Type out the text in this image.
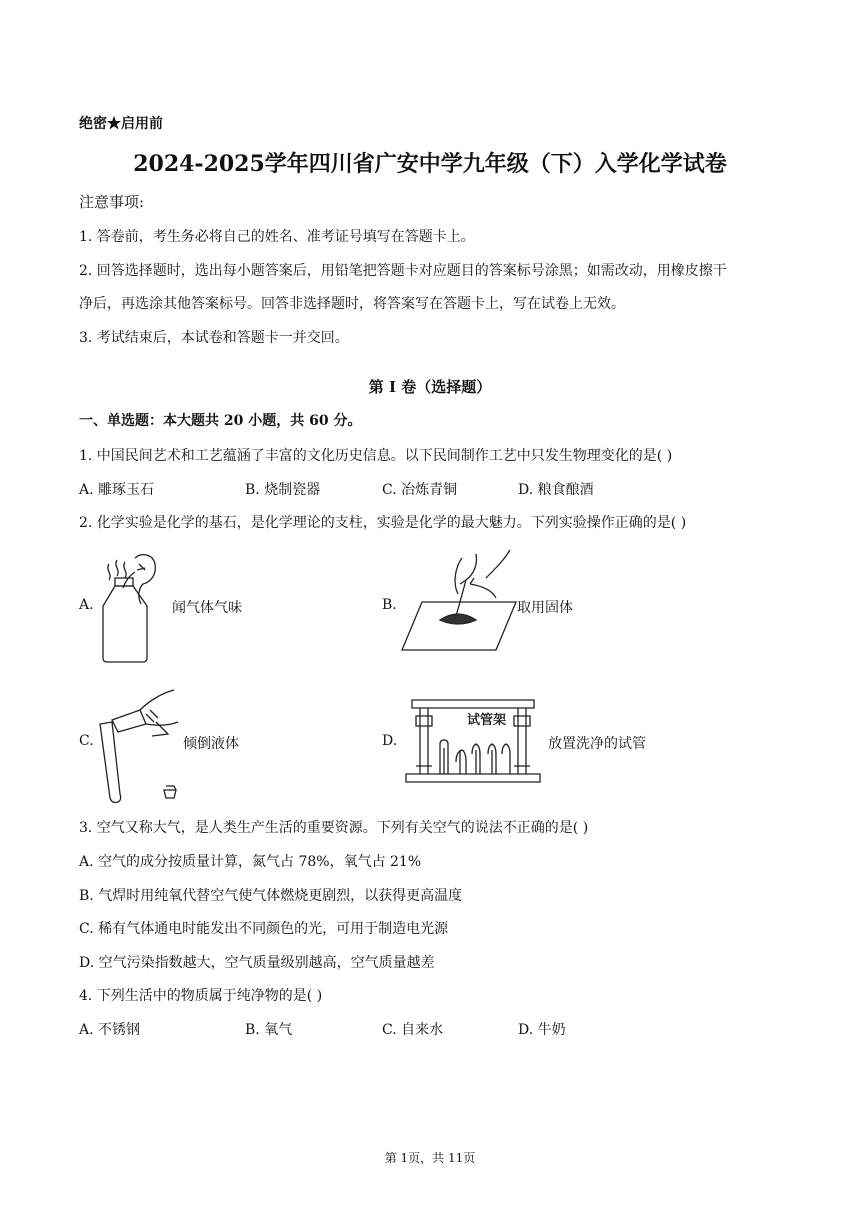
绝密★启用前
2024-2025学年四川省广安中学九年级（下）入学化学试卷
注意事项:
1. 答卷前，考生务必将自己的姓名、准考证号填写在答题卡上。
2. 回答选择题时，选出每小题答案后，用铅笔把答题卡对应题目的答案标号涂黑；如需改动，用橡皮擦干
净后，再选涂其他答案标号。回答非选择题时，将答案写在答题卡上，写在试卷上无效。
3. 考试结束后，本试卷和答题卡一并交回。
第 I 卷（选择题）
一、单选题：本大题共 20 小题，共 60 分。
1. 中国民间艺术和工艺蕴涵了丰富的文化历史信息。以下民间制作工艺中只发生物理变化的是( )
A. 雕琢玉石	B. 烧制瓷器	C. 冶炼青铜	D. 粮食酿酒
2. 化学实验是化学的基石，是化学理论的支柱，实验是化学的最大魅力。下列实验操作正确的是( )
A.	闻气体气味	B.	取用固体
C.	倾倒液体	D.
试管架
放置洗净的试管
3. 空气又称大气，是人类生产生活的重要资源。下列有关空气的说法不正确的是( )
A. 空气的成分按质量计算，氮气占 78%，氧气占 21%
B. 气焊时用纯氧代替空气使气体燃烧更剧烈，以获得更高温度
C. 稀有气体通电时能发出不同颜色的光，可用于制造电光源
D. 空气污染指数越大，空气质量级别越高，空气质量越差
4. 下列生活中的物质属于纯净物的是( )
A. 不锈钢	B. 氧气	C. 自来水	D. 牛奶
第 1页，共 11页
